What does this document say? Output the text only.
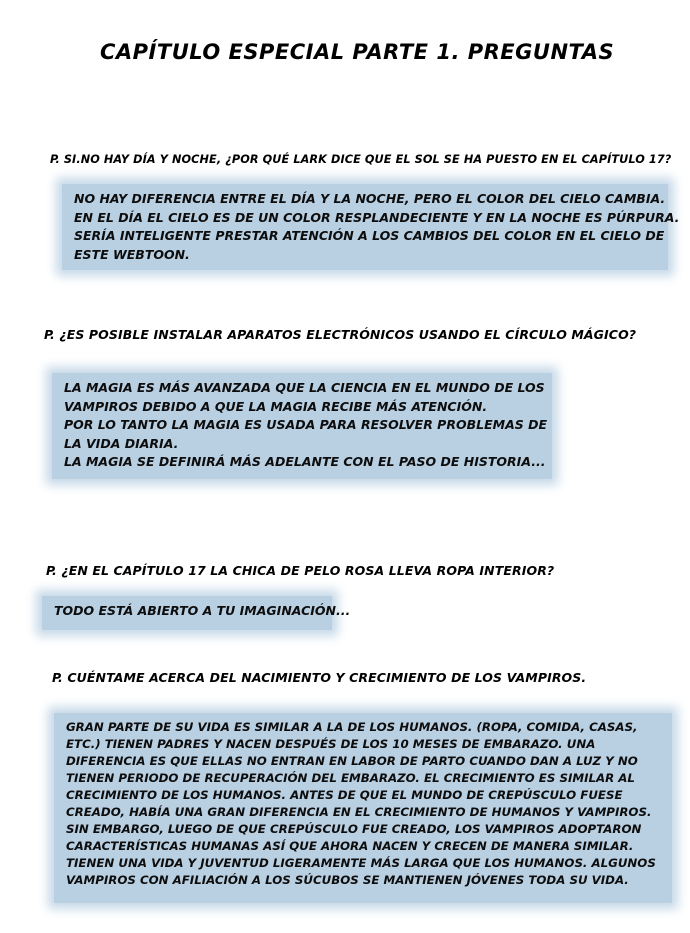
CAPÍTULO ESPECIAL PARTE 1. PREGUNTAS
P. SI.NO HAY DÍA Y NOCHE, ¿POR QUÉ LARK DICE QUE EL SOL SE HA PUESTO EN EL CAPÍTULO 17?
NO HAY DIFERENCIA ENTRE EL DÍA Y LA NOCHE, PERO EL COLOR DEL CIELO CAMBIA.
EN EL DÍA EL CIELO ES DE UN COLOR RESPLANDECIENTE Y EN LA NOCHE ES PÚRPURA.
SERÍA INTELIGENTE PRESTAR ATENCIÓN A LOS CAMBIOS DEL COLOR EN EL CIELO DE
ESTE WEBTOON.
P. ¿ES POSIBLE INSTALAR APARATOS ELECTRÓNICOS USANDO EL CÍRCULO MÁGICO?
LA MAGIA ES MÁS AVANZADA QUE LA CIENCIA EN EL MUNDO DE LOS
VAMPIROS DEBIDO A QUE LA MAGIA RECIBE MÁS ATENCIÓN.
POR LO TANTO LA MAGIA ES USADA PARA RESOLVER PROBLEMAS DE
LA VIDA DIARIA.
LA MAGIA SE DEFINIRÁ MÁS ADELANTE CON EL PASO DE HISTORIA...
P. ¿EN EL CAPÍTULO 17 LA CHICA DE PELO ROSA LLEVA ROPA INTERIOR?
TODO ESTÁ ABIERTO A TU IMAGINACIÓN...
P. CUÉNTAME ACERCA DEL NACIMIENTO Y CRECIMIENTO DE LOS VAMPIROS.
GRAN PARTE DE SU VIDA ES SIMILAR A LA DE LOS HUMANOS. (ROPA, COMIDA, CASAS,
ETC.) TIENEN PADRES Y NACEN DESPUÉS DE LOS 10 MESES DE EMBARAZO. UNA
DIFERENCIA ES QUE ELLAS NO ENTRAN EN LABOR DE PARTO CUANDO DAN A LUZ Y NO
TIENEN PERIODO DE RECUPERACIÓN DEL EMBARAZO. EL CRECIMIENTO ES SIMILAR AL
CRECIMIENTO DE LOS HUMANOS. ANTES DE QUE EL MUNDO DE CREPÚSCULO FUESE
CREADO, HABÍA UNA GRAN DIFERENCIA EN EL CRECIMIENTO DE HUMANOS Y VAMPIROS.
SIN EMBARGO, LUEGO DE QUE CREPÚSCULO FUE CREADO, LOS VAMPIROS ADOPTARON
CARACTERÍSTICAS HUMANAS ASÍ QUE AHORA NACEN Y CRECEN DE MANERA SIMILAR.
TIENEN UNA VIDA Y JUVENTUD LIGERAMENTE MÁS LARGA QUE LOS HUMANOS. ALGUNOS
VAMPIROS CON AFILIACIÓN A LOS SÚCUBOS SE MANTIENEN JÓVENES TODA SU VIDA.
